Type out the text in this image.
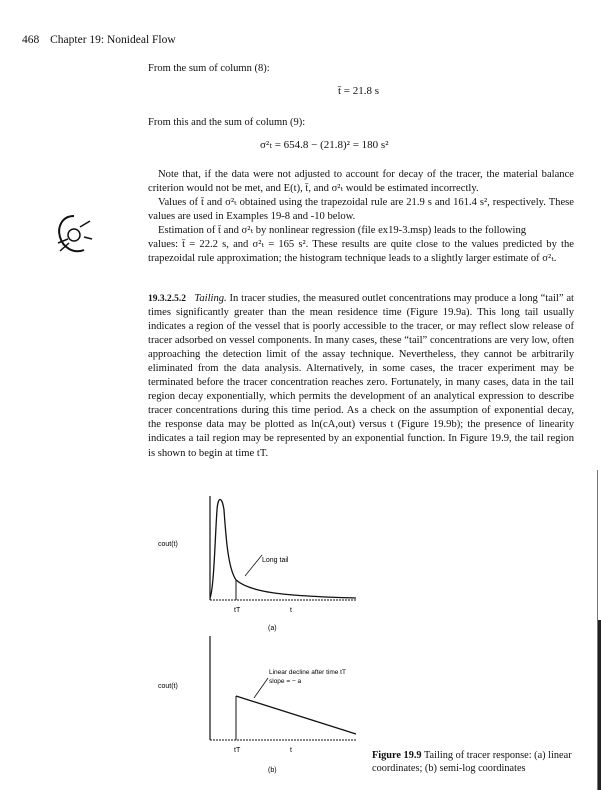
468 Chapter 19: Nonideal Flow
From the sum of column (8):
t̄ = 21.8 s
From this and the sum of column (9):
σ²ₜ = 654.8 − (21.8)² = 180 s²

Note that, if the data were not adjusted to account for decay of the tracer, the material balance criterion would not be met, and E(t), t̄, and σ²ₜ would be estimated incorrectly.

Values of t̄ and σ²ₜ obtained using the trapezoidal rule are 21.9 s and 161.4 s², respectively. These values are used in Examples 19-8 and -10 below.

Estimation of t̄ and σ²ₜ by nonlinear regression (file ex19-3.msp) leads to the following

values: t̄ = 22.2 s, and σ²ₜ = 165 s². These results are quite close to the values predicted by the trapezoidal rule approximation; the histogram technique leads to a slightly larger estimate of σ²ₜ.

19.3.2.5.2 Tailing. In tracer studies, the measured outlet concentrations may produce a long “tail” at times significantly greater than the mean residence time (Figure 19.9a). This long tail usually indicates a region of the vessel that is poorly accessible to the tracer, or may reflect slow release of tracer adsorbed on vessel components. In many cases, these “tail” concentrations are very low, often approaching the detection limit of the assay technique. Nevertheless, they cannot be arbitrarily eliminated from the data analysis. Alternatively, in some cases, the tracer experiment may be terminated before the tracer concentration reaches zero. Fortunately, in many cases, data in the tail region decay exponentially, which permits the development of an analytical expression to describe tracer concentrations during this time period. As a check on the assumption of exponential decay, the response data may be plotted as ln(cA,out) versus t (Figure 19.9b); the presence of linearity indicates a tail region may be represented by an exponential function. In Figure 19.9, the tail region is shown to begin at time tT.

cout(t)
Long tail
tT	t
(a)
cout(t)
Linear decline after time tT
slope = − a
tT	t
(b)
Figure 19.9 Tailing of tracer response: (a) linear coordinates; (b) semi-log coordinates
